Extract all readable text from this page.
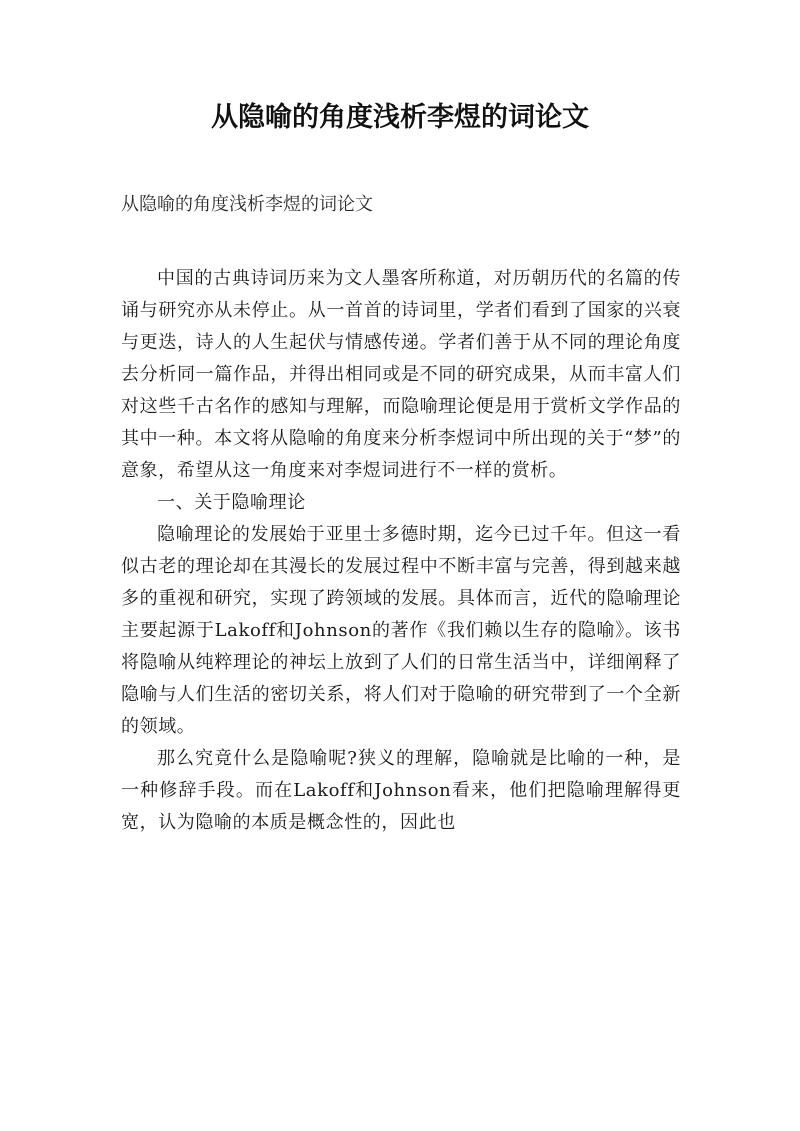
从隐喻的角度浅析李煜的词论文
从隐喻的角度浅析李煜的词论文

中国的古典诗词历来为文人墨客所称道，对历朝历代的名篇的传诵与研究亦从未停止。从一首首的诗词里，学者们看到了国家的兴衰与更迭，诗人的人生起伏与情感传递。学者们善于从不同的理论角度去分析同一篇作品，并得出相同或是不同的研究成果，从而丰富人们对这些千古名作的感知与理解，而隐喻理论便是用于赏析文学作品的其中一种。本文将从隐喻的角度来分析李煜词中所出现的关于“梦”的意象，希望从这一角度来对李煜词进行不一样的赏析。

一、关于隐喻理论

隐喻理论的发展始于亚里士多德时期，迄今已过千年。但这一看似古老的理论却在其漫长的发展过程中不断丰富与完善，得到越来越多的重视和研究，实现了跨领域的发展。具体而言，近代的隐喻理论主要起源于Lakoff和Johnson的著作《我们赖以生存的隐喻》。该书将隐喻从纯粹理论的神坛上放到了人们的日常生活当中，详细阐释了隐喻与人们生活的密切关系，将人们对于隐喻的研究带到了一个全新的领域。

那么究竟什么是隐喻呢?狭义的理解，隐喻就是比喻的一种，是一种修辞手段。而在Lakoff和Johnson看来，他们把隐喻理解得更宽，认为隐喻的本质是概念性的，因此也
